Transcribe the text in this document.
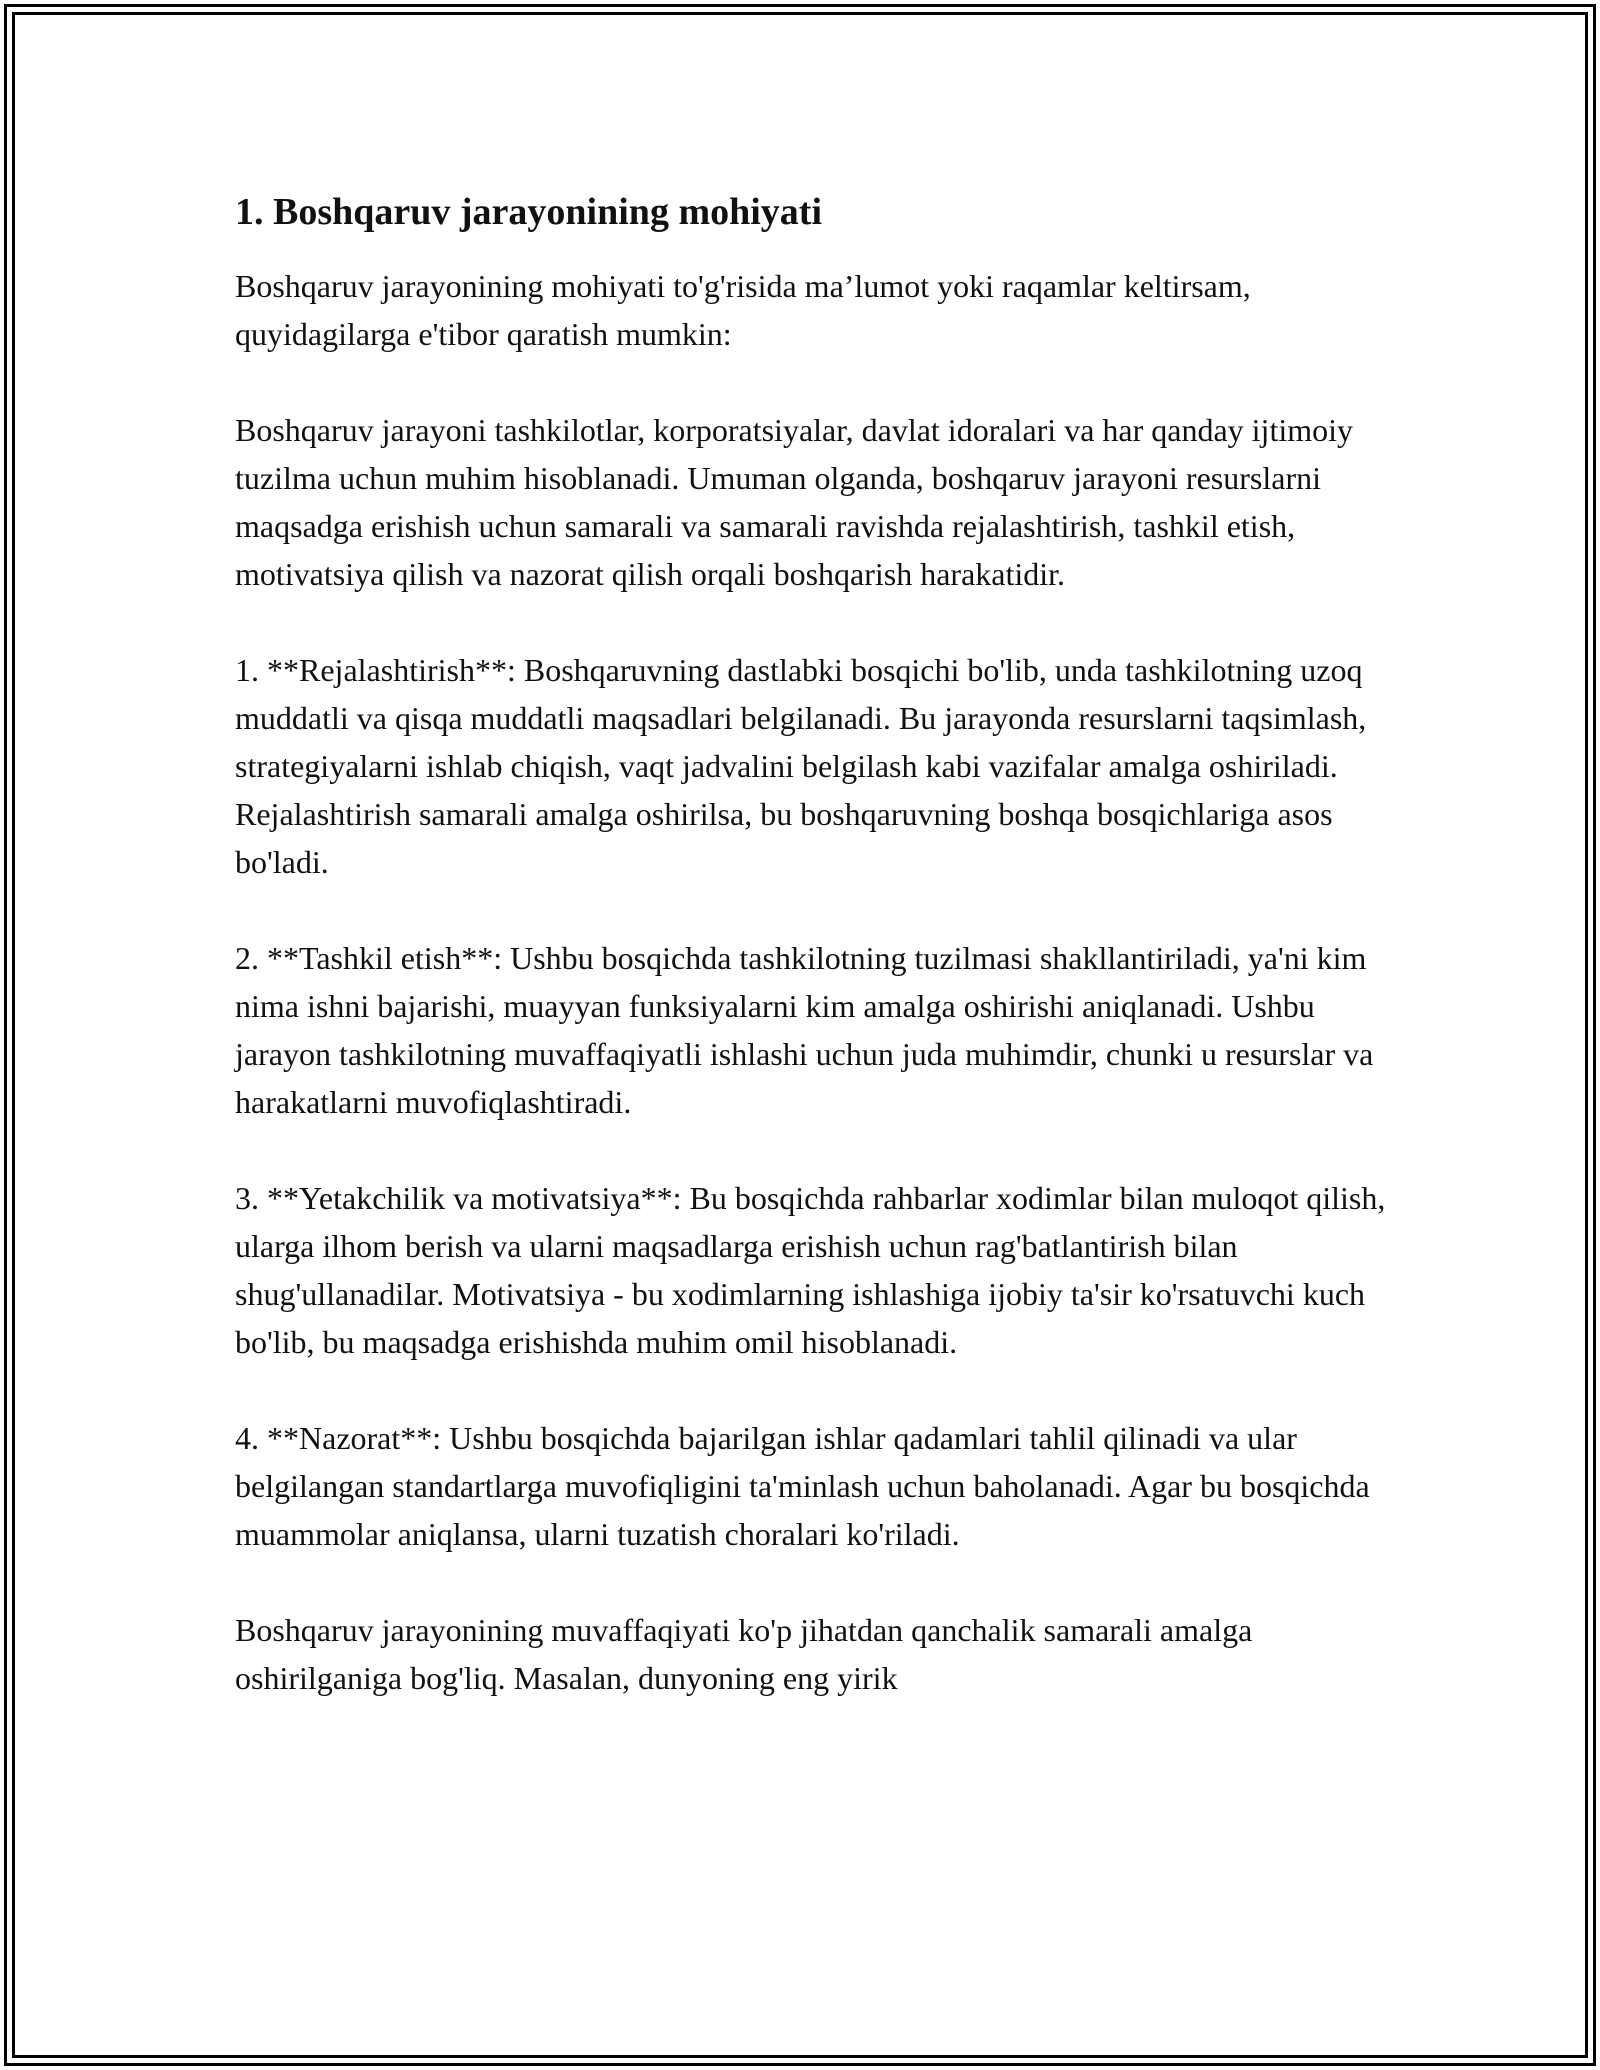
1. Boshqaruv jarayonining mohiyati

Boshqaruv jarayonining mohiyati to'g'risida ma’lumot yoki raqamlar keltirsam, quyidagilarga e'tibor qaratish mumkin:

Boshqaruv jarayoni tashkilotlar, korporatsiyalar, davlat idoralari va har qanday ijtimoiy tuzilma uchun muhim hisoblanadi. Umuman olganda, boshqaruv jarayoni resurslarni maqsadga erishish uchun samarali va samarali ravishda rejalashtirish, tashkil etish, motivatsiya qilish va nazorat qilish orqali boshqarish harakatidir.

1. **Rejalashtirish**: Boshqaruvning dastlabki bosqichi bo'lib, unda tashkilotning uzoq muddatli va qisqa muddatli maqsadlari belgilanadi. Bu jarayonda resurslarni taqsimlash, strategiyalarni ishlab chiqish, vaqt jadvalini belgilash kabi vazifalar amalga oshiriladi. Rejalashtirish samarali amalga oshirilsa, bu boshqaruvning boshqa bosqichlariga asos bo'ladi.

2. **Tashkil etish**: Ushbu bosqichda tashkilotning tuzilmasi shakllantiriladi, ya'ni kim nima ishni bajarishi, muayyan funksiyalarni kim amalga oshirishi aniqlanadi. Ushbu jarayon tashkilotning muvaffaqiyatli ishlashi uchun juda muhimdir, chunki u resurslar va harakatlarni muvofiqlashtiradi.

3. **Yetakchilik va motivatsiya**: Bu bosqichda rahbarlar xodimlar bilan muloqot qilish, ularga ilhom berish va ularni maqsadlarga erishish uchun rag'batlantirish bilan shug'ullanadilar. Motivatsiya - bu xodimlarning ishlashiga ijobiy ta'sir ko'rsatuvchi kuch bo'lib, bu maqsadga erishishda muhim omil hisoblanadi.

4. **Nazorat**: Ushbu bosqichda bajarilgan ishlar qadamlari tahlil qilinadi va ular belgilangan standartlarga muvofiqligini ta'minlash uchun baholanadi. Agar bu bosqichda muammolar aniqlansa, ularni tuzatish choralari ko'riladi.

Boshqaruv jarayonining muvaffaqiyati ko'p jihatdan qanchalik samarali amalga oshirilganiga bog'liq. Masalan, dunyoning eng yirik
